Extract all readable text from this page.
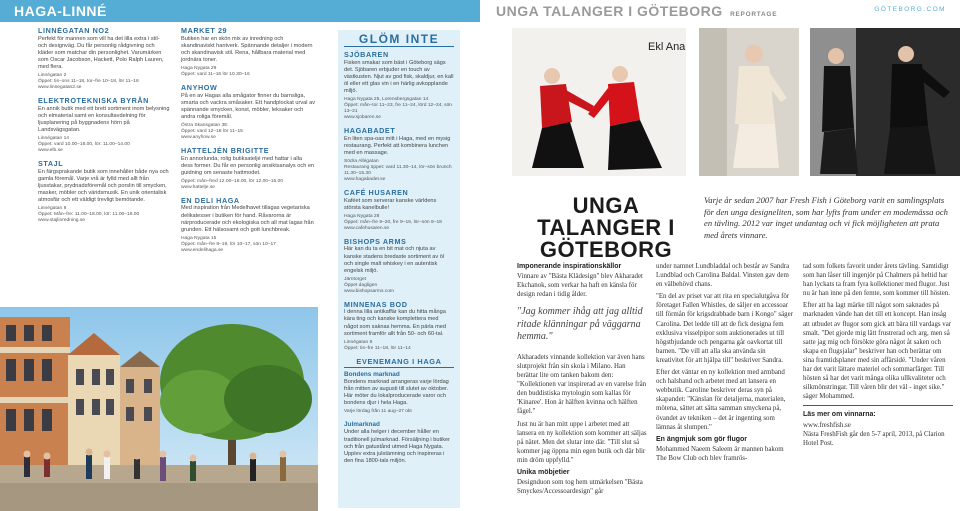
HAGA-LINNÉ
LINNÉGATAN NO2

Perfekt för mannen som vill ha det lilla extra i stil- och designväg. Du får personlig rådgivning och kläder som matchar din personlighet. Varumärken som Oscar Jacobson, Hackett, Polo Ralph Lauren, med flera.

Linnégatan 2
Öppet: tis–ons 11–18, tor–fre 10–18, lör 11–16
www.linnegatan2.se

ELEKTROTEKNISKA BYRÅN

En annik butik med ett brett sortiment inom belysning och elmaterial samt en konsultavdelning för ljusplanering på byggnadens hörn på Landsvägsgatan.

Linnégatan 14
Öppet: vard 10.00–18.00, lör: 11.00–14.00
www.elb.se

STAJL

En färgsprakande butik som innehåller både nya och gamla föremål. Varje vrå är fylld med allt från ljusstakar, prydnadsföremål och porslin till smycken, masker, möbler och väridsmusik. En unik orientalisk atmosfär och ett väldigt trevligt bemötande.

Linnégatan 8
Öppet: Mån–fre: 11.00–18.00, lör: 11.00–16.00
www.stajlinredning.se

MARKET 29

Butiken har en skön mix av inredning och skandinaviskt hantverk. Spännande detaljer i modern och skandinavisk stil. Rena, hållbara material med jordnära toner.

Haga Nygata 29
Öppet: vard 11–16 lör 10.30–16

ANYHOW

På en av Hagas alla smågator finner du barnsliga, smarta och vackra småsaker. Ett handplockat urval av spännande smycken, konst, möbler, leksaker och andra roliga föremål.

Östra Skansgatan 3E
Öppet: vard 12–18 lör 11–15
www.anyhow.se

HATTELJÉN BRIGITTE

En annorlunda, rolig butiksateljé med hattar i alla dess former. Du får en personlig ansiktsanalys och en guidning om senaste hattmodet.

Öppet: mån–fred 12.00–18.00, lör 12.00–15.00
www.hattelje.se

EN DELI HAGA

Med inspiration från Medelhavet tillagas vegetariska delikatesser i butiken för hand. Råvarorna är närproducerade och ekologiska och all mat lagas från grunden. Ett hälsosamt och gott lunchbreak.

Haga Nygata 15
Öppet: mån–fre 8–19, lör 10–17, sön 10–17
www.endelihaga.se

GLÖM INTE
SJÖBAREN

Fisken smakar som bäst i Göteborg sägs det. Sjöbaren erbjuder en touch av västkusten. Njut av god fisk, skaldjur, en kall öl eller ett glas vin i en härlig avkopplande miljö.

Haga Nygata 25, Lorensbergsgatan 14
Öppet: mån–tor 11–23, fre 11–24, lörd 12–24, sön 13–21
www.sjobaren.se

HAGABADET

En liten spa-oas mitt i Haga, med en mysig restaurang. Perfekt att kombinera lunchen med en massage.

Södra Allégatan
Restaurang öppet: vard 11.30–14, lör–sön brunch 11.30–15.30
www.hagabadet.se

CAFÉ HUSAREN

Kaféet som serverar kanske världens största kanelbulle!

Haga Nygata 28
Öppet: mån–fre 9–20, fre 9–19, lör–sön 9–18
www.cafehusaren.se

BISHOPS ARMS

Här kan du ta en bit mat och njuta av kanske stadens bredaste sortiment av öl och single malt whiskey i en autentisk engelsk miljö.

Järntorget
Öppet dagligen
www.bishopsarms.com

MINNENAS BOD

I denna lilla antikaffär kan du hitta många kära ting och kanske komplettera med något som saknas hemma. En pärla med sortiment framför allt från 50- och 60-tal.

Linnégatan 6
Öppet: tis–fre 11–18, lör 11–14

EVENEMANG I HAGA
Bondens marknad

Bondens marknad arrangeras varje lördag från mitten av augusti till slutet av oktober. Här möter du lokalproducerade varor och bondens djur i hela Haga.

Varje lördag från 11 aug–27 okt

Julmarknad

Under alla helger i december håller en traditionell julmarknad. Försäljning i butiker och från gatustånd utmed Haga Nygata. Upplev extra julstämning och inspireras i den fina 1800-tals miljön.

UNGA TALANGER I GÖTEBORG REPORTAGE
GÖTEBORG.COM
Ekl Ana
UNGA TALANGER I GÖTEBORG
Varje år sedan 2007 har Fresh Fish i Göteborg varit en samlingsplats för den unga designeliten, som har lyfts fram under en modemässa och en tävling. 2012 var inget undantag och vi fick möjligheten att prata med årets vinnare.
Imponerande inspirationskällor

Vinnare av "Bästa Klädesign" blev Akharadet Ekchanok, som verkar ha haft en känsla för design redan i tidig ålder.

"Jag kommer ihåg att jag alltid ritade klänningar på väggarna hemma."

Akharadets vinnande kollektion var även hans slutprojekt från sin skola i Milano. Han berättar lite om tanken bakom den: "Kollektionen var inspirerad av en varelse från den buddistiska mytologin som kallas för 'Kinaree'. Hon är hälften kvinna och hälften fågel."

Just nu är han mitt uppe i arbetet med att lansera en ny kollektion som kommer att säljas på nätet. Men det slutar inte där. "Till slut så kommer jag öppna min egen butik och där blir min dröm uppfylld."

Unika möbjetier

Designduon som tog hem utmärkelsen "Bästa Smyckes/Accessoardesign" går

under namnet Lundbladdal och består av Sandra Lundblad och Carolina Baldal. Vinsten gav dem en välbehövd chans.

"En del av priset var att rita en specialutgåva för företaget Fallen Whistles, de säljer en accessoar till förmån för krigsdrabbade barn i Kongo" säger Carolina. Det ledde till att de fick designa fem exklusiva visselpipor som auktionerades ut till högstbjudande och pengarna går oavkortat till barnen. "De vill att alla ska använda sin kreativitet för att hjälpa till" beskriver Sandra.

Efter det väntar en ny kollektion med armband och halsband och arbetet med att lansera en webbutik. Caroline beskriver deras syn på skapandet: "Känslan för detaljerna, materialen, mötena, sättet att sätta samman smyckena på, övandet av tekniken – det är ingenting som lämnas åt slumpen."

En ängmjuk som gör flugor

Mohammed Naeem Saleem är mannen bakom The Bow Club och blev framrös-

tad som folkets favorit under årets tävling. Samtidigt som han låser till ingenjör på Chalmers på heltid har han lyckats ta fram fyra kollektioner med flugor. Just nu är han inne på den femte, som kommer till hösten.

Efter att ha lagt märke till något som saknades på marknaden vände han det till ett koncept. Han insåg att utbudet av flugor som gick att bära till vardags var smalt. "Det gjorde mig lätt frustrerad och arg, men så satte jag mig och försökte göra något åt saken och skapa en flugsjalar" beskriver han och berättar om sina framtidsplaner med sin affärsidé. "Under våren har det varit lättare materiel och sommarfärger. Till hösten så har det varit många olika ullkvaliteter och silkmönstringar. Till våren blir det väl - inget sike." säger Mohammed.

Läs mer om vinnarna:

www.freshfish.se
Nästa FreshFish går den 5-7 april, 2013, på Clarion Hotel Post.
